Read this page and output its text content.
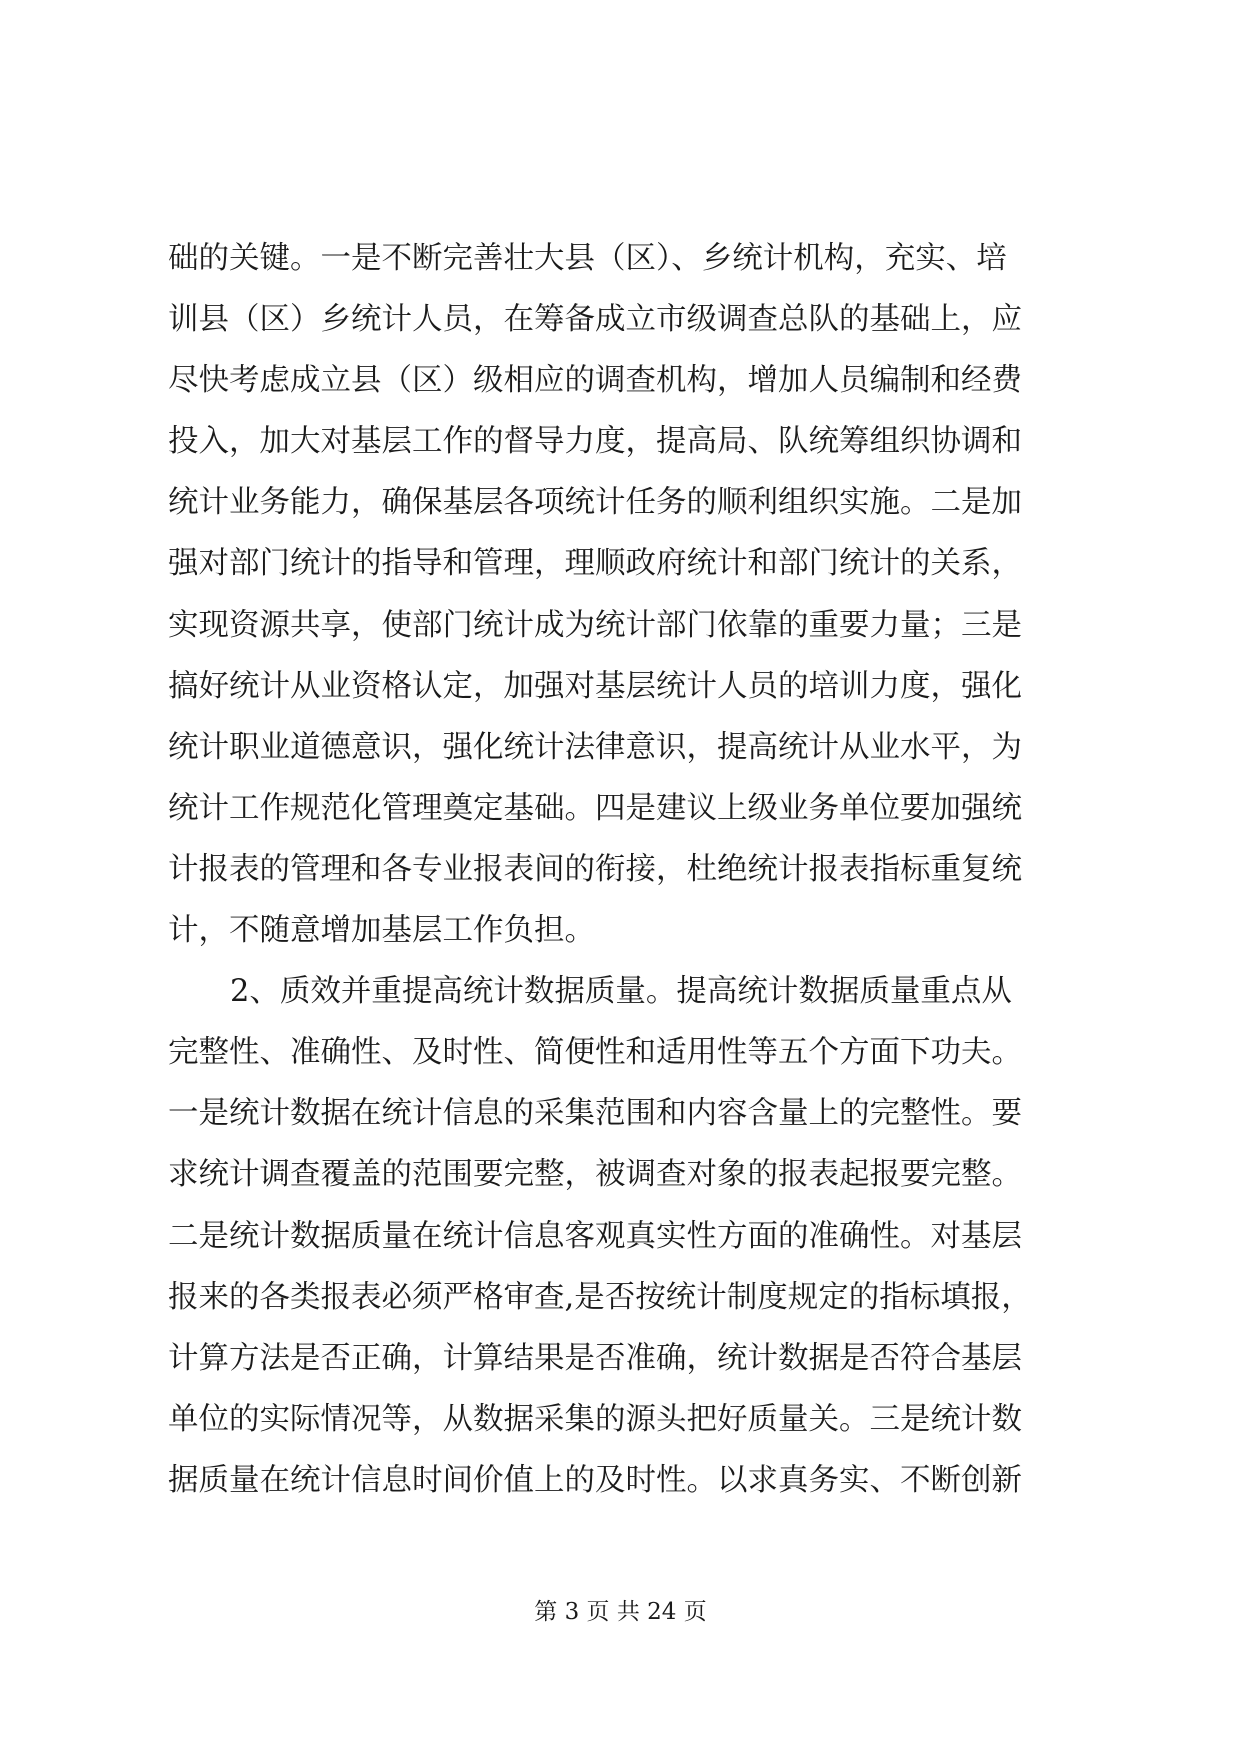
础的关键。一是不断完善壮大县（区）、乡统计机构，充实、培
训县（区）乡统计人员，在筹备成立市级调查总队的基础上，应
尽快考虑成立县（区）级相应的调查机构，增加人员编制和经费
投入，加大对基层工作的督导力度，提高局、队统筹组织协调和
统计业务能力，确保基层各项统计任务的顺利组织实施。二是加
强对部门统计的指导和管理，理顺政府统计和部门统计的关系，
实现资源共享，使部门统计成为统计部门依靠的重要力量；三是
搞好统计从业资格认定，加强对基层统计人员的培训力度，强化
统计职业道德意识，强化统计法律意识，提高统计从业水平，为
统计工作规范化管理奠定基础。四是建议上级业务单位要加强统
计报表的管理和各专业报表间的衔接，杜绝统计报表指标重复统
计，不随意增加基层工作负担。
2、质效并重提高统计数据质量。提高统计数据质量重点从
完整性、准确性、及时性、简便性和适用性等五个方面下功夫。
一是统计数据在统计信息的采集范围和内容含量上的完整性。要
求统计调查覆盖的范围要完整，被调查对象的报表起报要完整。
二是统计数据质量在统计信息客观真实性方面的准确性。对基层
报来的各类报表必须严格审查,是否按统计制度规定的指标填报，
计算方法是否正确，计算结果是否准确，统计数据是否符合基层
单位的实际情况等，从数据采集的源头把好质量关。三是统计数
据质量在统计信息时间价值上的及时性。以求真务实、不断创新
第 3 页 共 24 页
